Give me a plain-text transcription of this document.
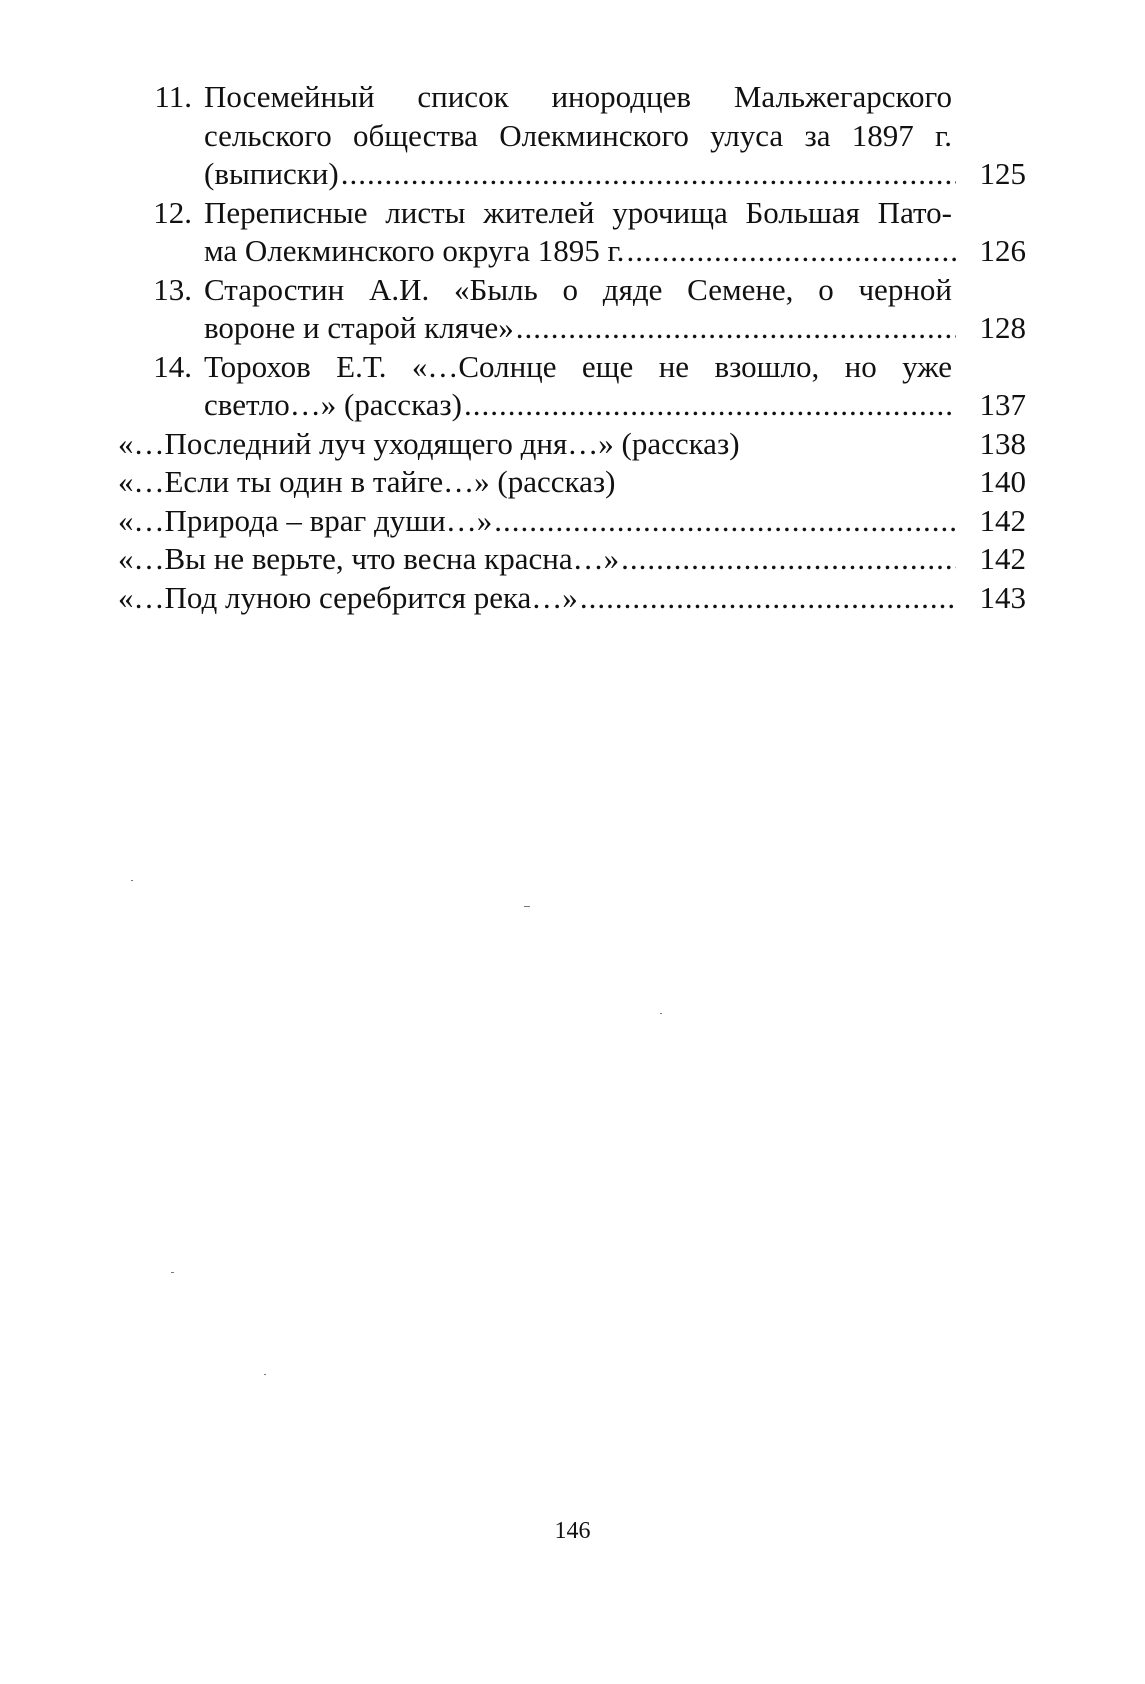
11. Посемейный список инородцев Мальжегарского
сельского общества Олекминского улуса за 1897 г.
(выписки) .....	125
12. Переписные листы жителей урочища Большая Пато-
ма Олекминского округа 1895 г. .....	126
13. Старостин А.И. «Быль о дяде Семене, о черной
вороне и старой кляче» .....	128
14. Торохов Е.Т. «…Солнце еще не взошло, но уже
светло…» (рассказ) .....	137
«…Последний луч уходящего дня…» (рассказ)	138
«…Если ты один в тайге…» (рассказ)	140
«…Природа – враг души…» .....	142
«…Вы не верьте, что весна красна…» .....	142
«…Под луною серебрится река…» .....	143
146
